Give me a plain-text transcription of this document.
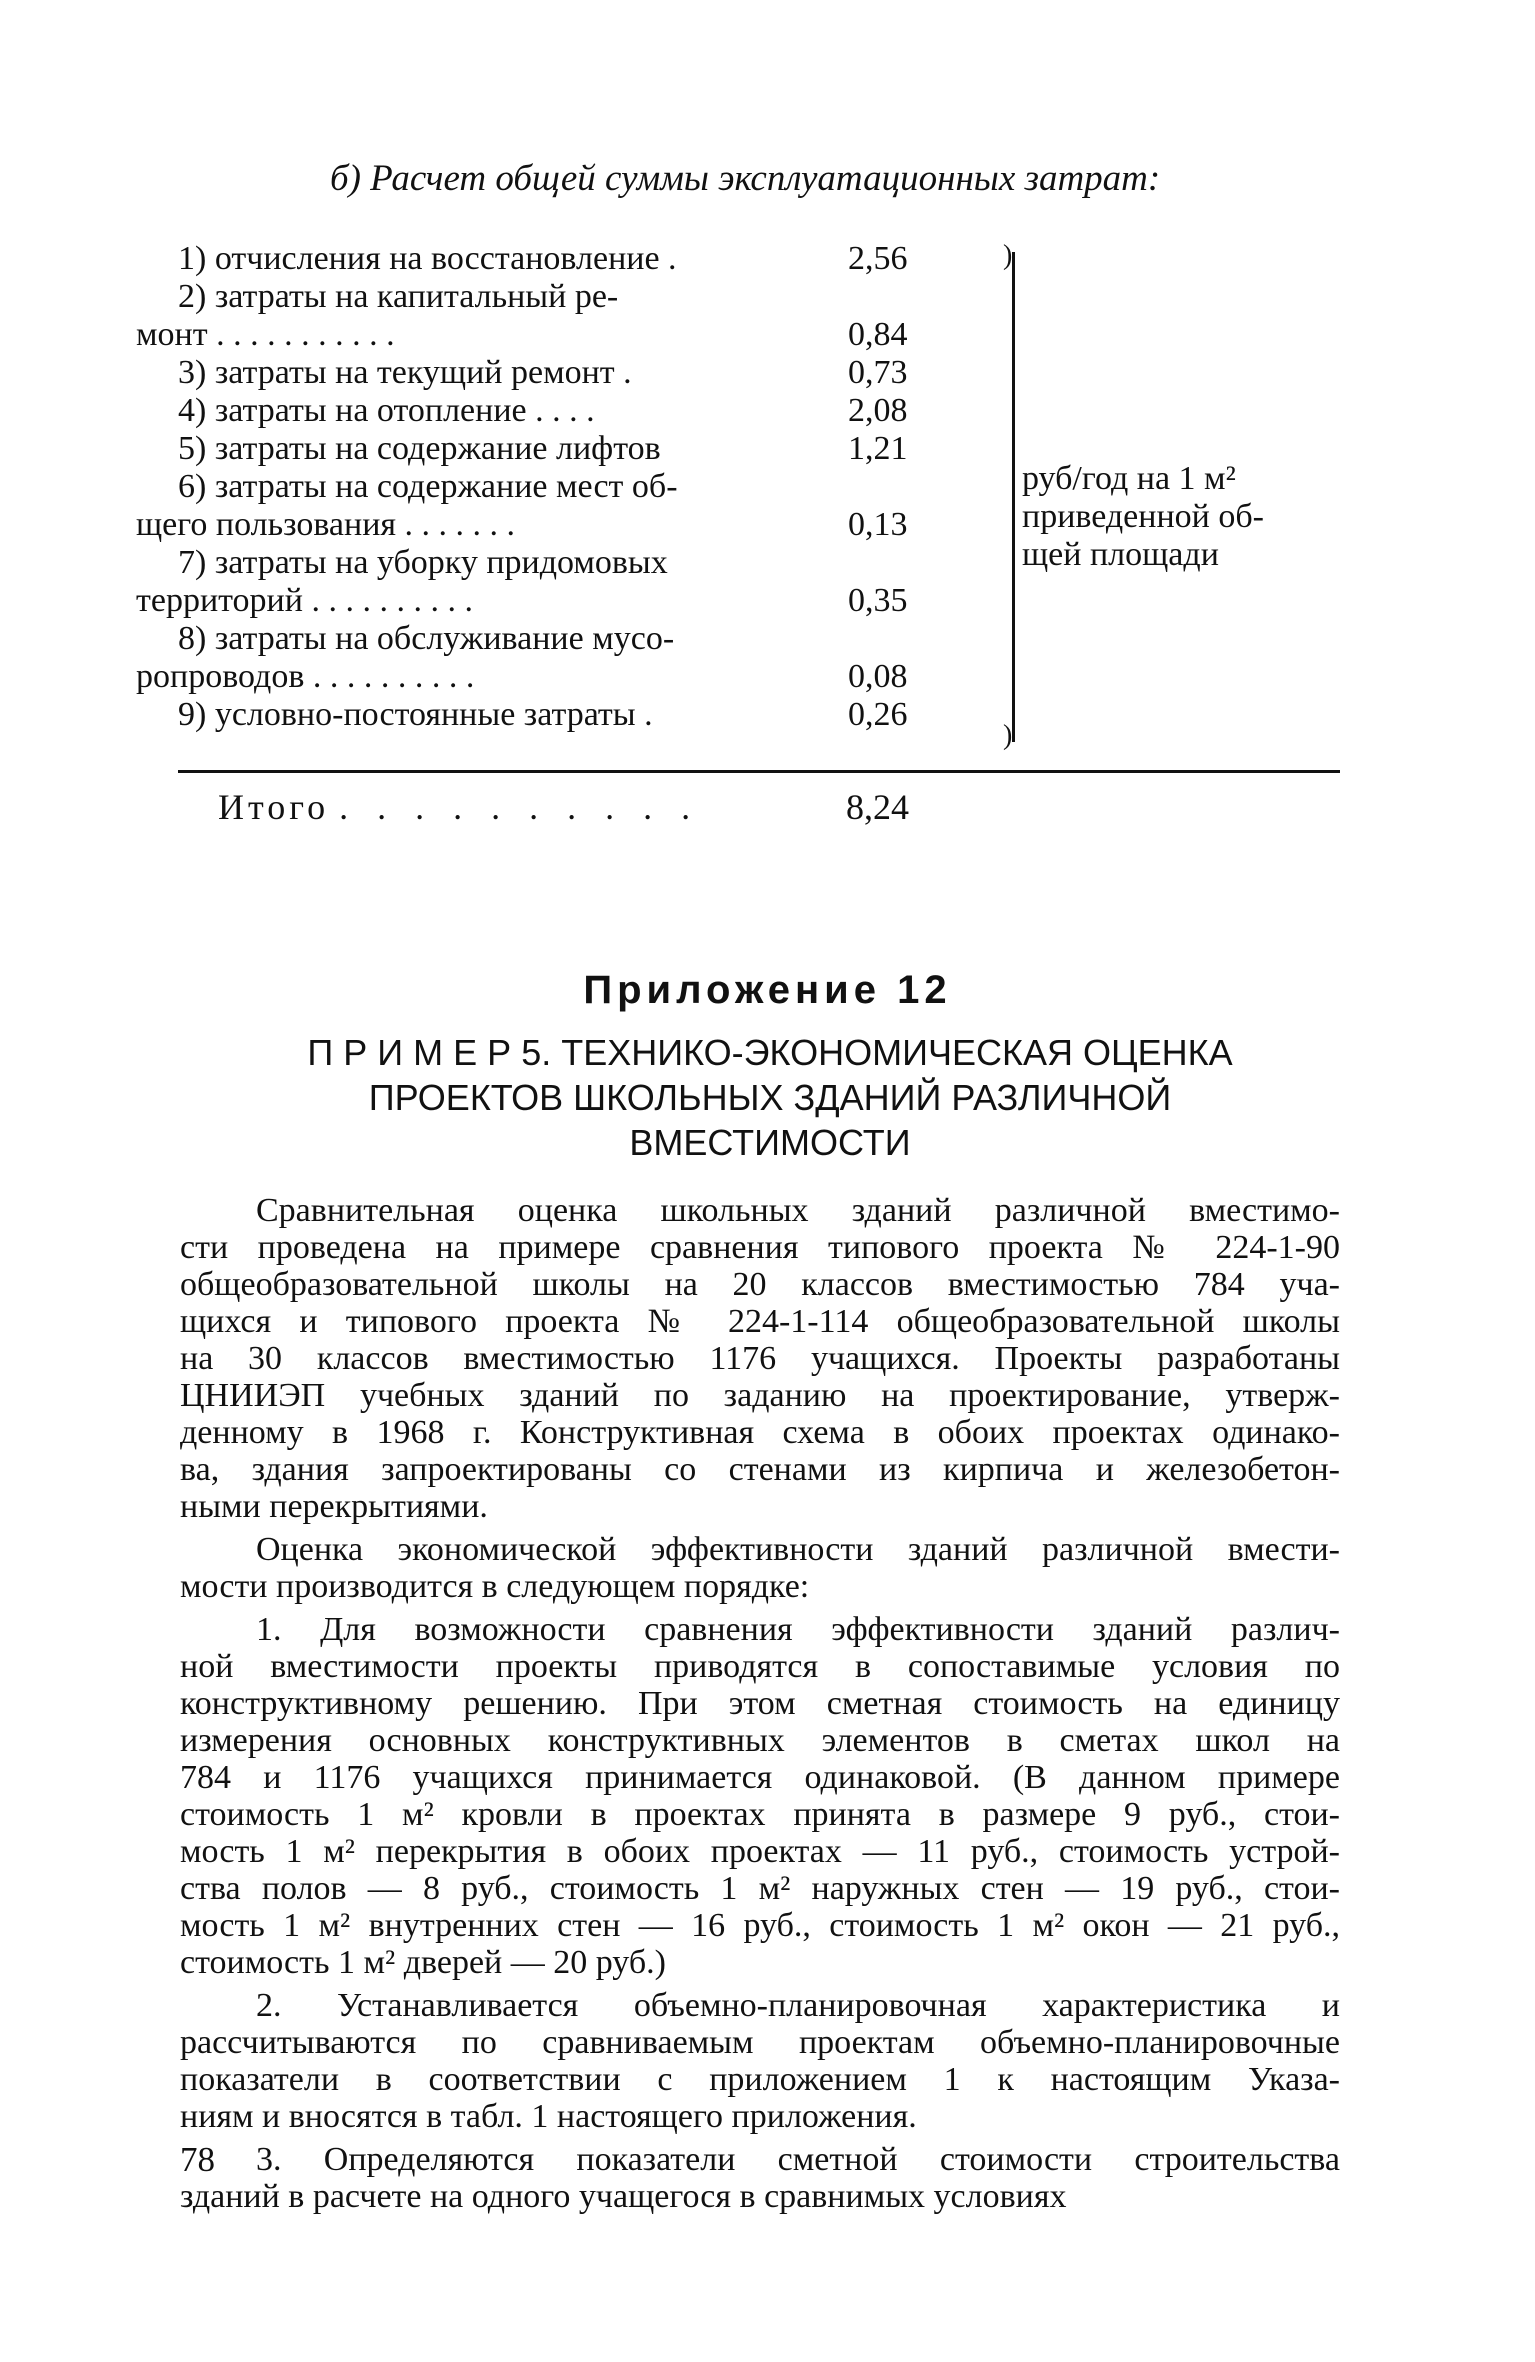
б) Расчет общей суммы эксплуатационных затрат:
1) отчисления на восстановление .	2,56
2) затраты на капитальный ре-
монт . . . . . . . . . . .	0,84
3) затраты на текущий ремонт .	0,73
4) затраты на отопление . . . .	2,08
5) затраты на содержание лифтов	1,21
6) затраты на содержание мест об-
щего пользования . . . . . . .	0,13
7) затраты на уборку придомовых
территорий . . . . . . . . . .	0,35
8) затраты на обслуживание мусо-
ропроводов . . . . . . . . . .	0,08
9) условно-постоянные затраты .	0,26
)
)
руб/год на 1 м²
приведенной об-
щей площади
Итого . . . . . . . . . .	8,24
Приложение 12
П Р И М Е Р 5. ТЕХНИКО-ЭКОНОМИЧЕСКАЯ ОЦЕНКА
ПРОЕКТОВ ШКОЛЬНЫХ ЗДАНИЙ РАЗЛИЧНОЙ
ВМЕСТИМОСТИ
Сравнительная оценка школьных зданий различной вместимо-
сти проведена на примере сравнения типового проекта № 224-1-90
общеобразовательной школы на 20 классов вместимостью 784 уча-
щихся и типового проекта № 224-1-114 общеобразовательной школы
на 30 классов вместимостью 1176 учащихся. Проекты разработаны
ЦНИИЭП учебных зданий по заданию на проектирование, утверж-
денному в 1968 г. Конструктивная схема в обоих проектах одинако-
ва, здания запроектированы со стенами из кирпича и железобетон-
ными перекрытиями.
Оценка экономической эффективности зданий различной вмести-
мости производится в следующем порядке:
1. Для возможности сравнения эффективности зданий различ-
ной вместимости проекты приводятся в сопоставимые условия по
конструктивному решению. При этом сметная стоимость на единицу
измерения основных конструктивных элементов в сметах школ на
784 и 1176 учащихся принимается одинаковой. (В данном примере
стоимость 1 м² кровли в проектах принята в размере 9 руб., стои-
мость 1 м² перекрытия в обоих проектах — 11 руб., стоимость устрой-
ства полов — 8 руб., стоимость 1 м² наружных стен — 19 руб., стои-
мость 1 м² внутренних стен — 16 руб., стоимость 1 м² окон — 21 руб.,
стоимость 1 м² дверей — 20 руб.)
2. Устанавливается объемно-планировочная характеристика и
рассчитываются по сравниваемым проектам объемно-планировочные
показатели в соответствии с приложением 1 к настоящим Указа-
ниям и вносятся в табл. 1 настоящего приложения.
3. Определяются показатели сметной стоимости строительства
зданий в расчете на одного учащегося в сравнимых условиях
78
